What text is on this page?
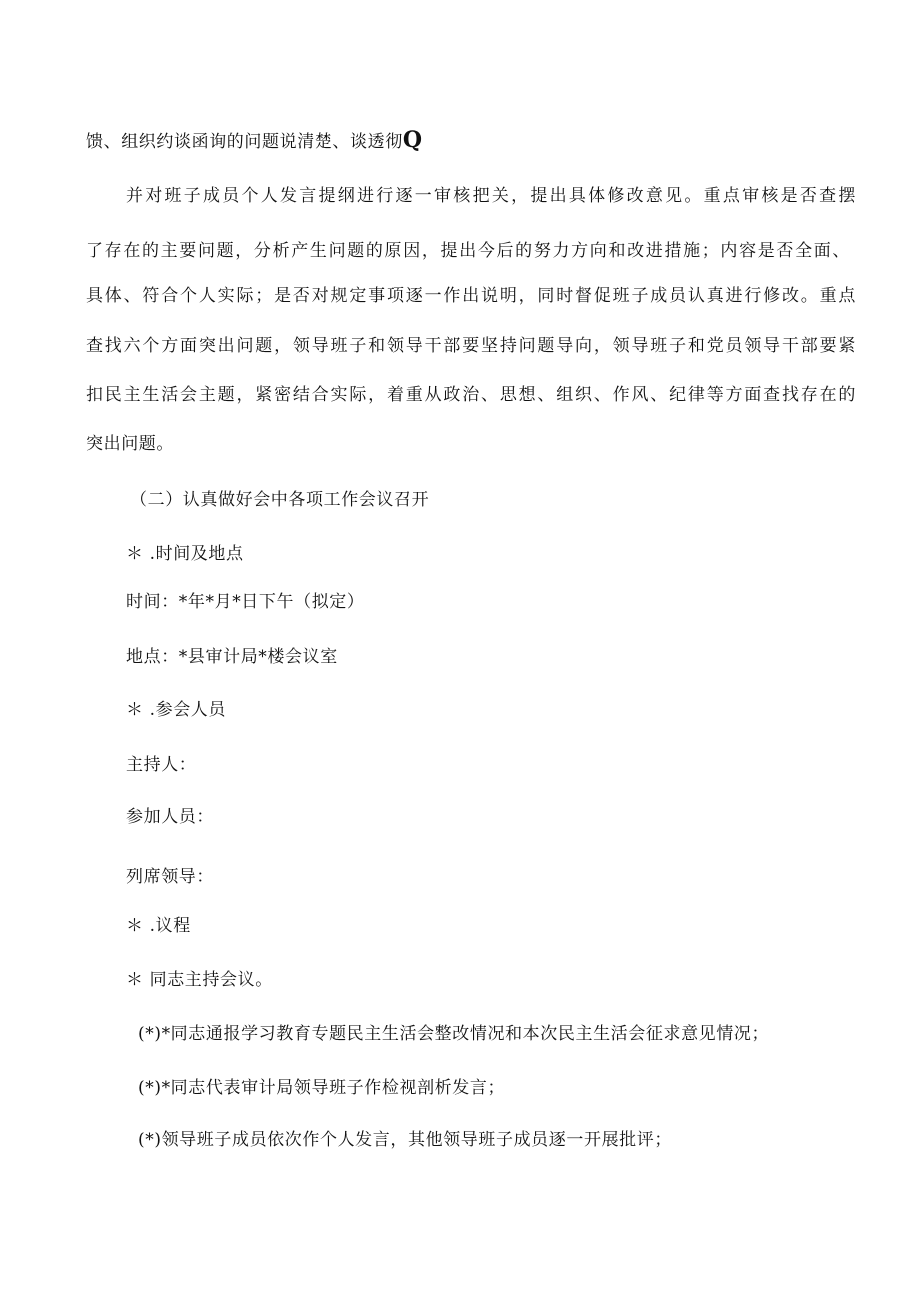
馈、组织约谈函询的问题说清楚、谈透彻Q
并对班子成员个人发言提纲进行逐一审核把关，提出具体修改意见。重点审核是否查摆
了存在的主要问题，分析产生问题的原因，提出今后的努力方向和改进措施；内容是否全面、
具体、符合个人实际；是否对规定事项逐一作出说明，同时督促班子成员认真进行修改。重点
查找六个方面突出问题，领导班子和领导干部要坚持问题导向，领导班子和党员领导干部要紧
扣民主生活会主题，紧密结合实际，着重从政治、思想、组织、作风、纪律等方面查找存在的
突出问题。
（二）认真做好会中各项工作会议召开
＊ .时间及地点
时间：*年*月*日下午（拟定）
地点：*县审计局*楼会议室
＊ .参会人员
主持人：
参加人员：
列席领导：
＊ .议程
＊ 同志主持会议。
(*)*同志通报学习教育专题民主生活会整改情况和本次民主生活会征求意见情况；
(*)*同志代表审计局领导班子作检视剖析发言；
(*)领导班子成员依次作个人发言，其他领导班子成员逐一开展批评；
